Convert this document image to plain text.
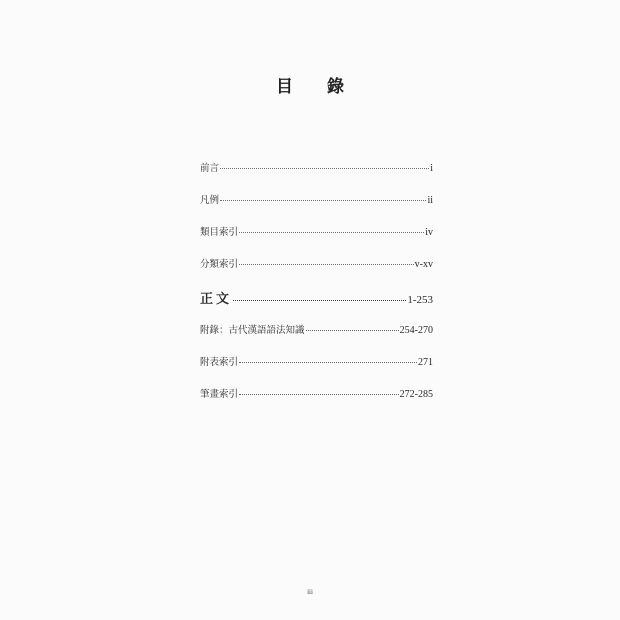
目 錄
前言	i
凡例	ii
類目索引	iv
分類索引	v-xv
正文	1-253
附錄：古代漢語語法知識	254-270
附表索引	271
筆畫索引	272-285
iii
